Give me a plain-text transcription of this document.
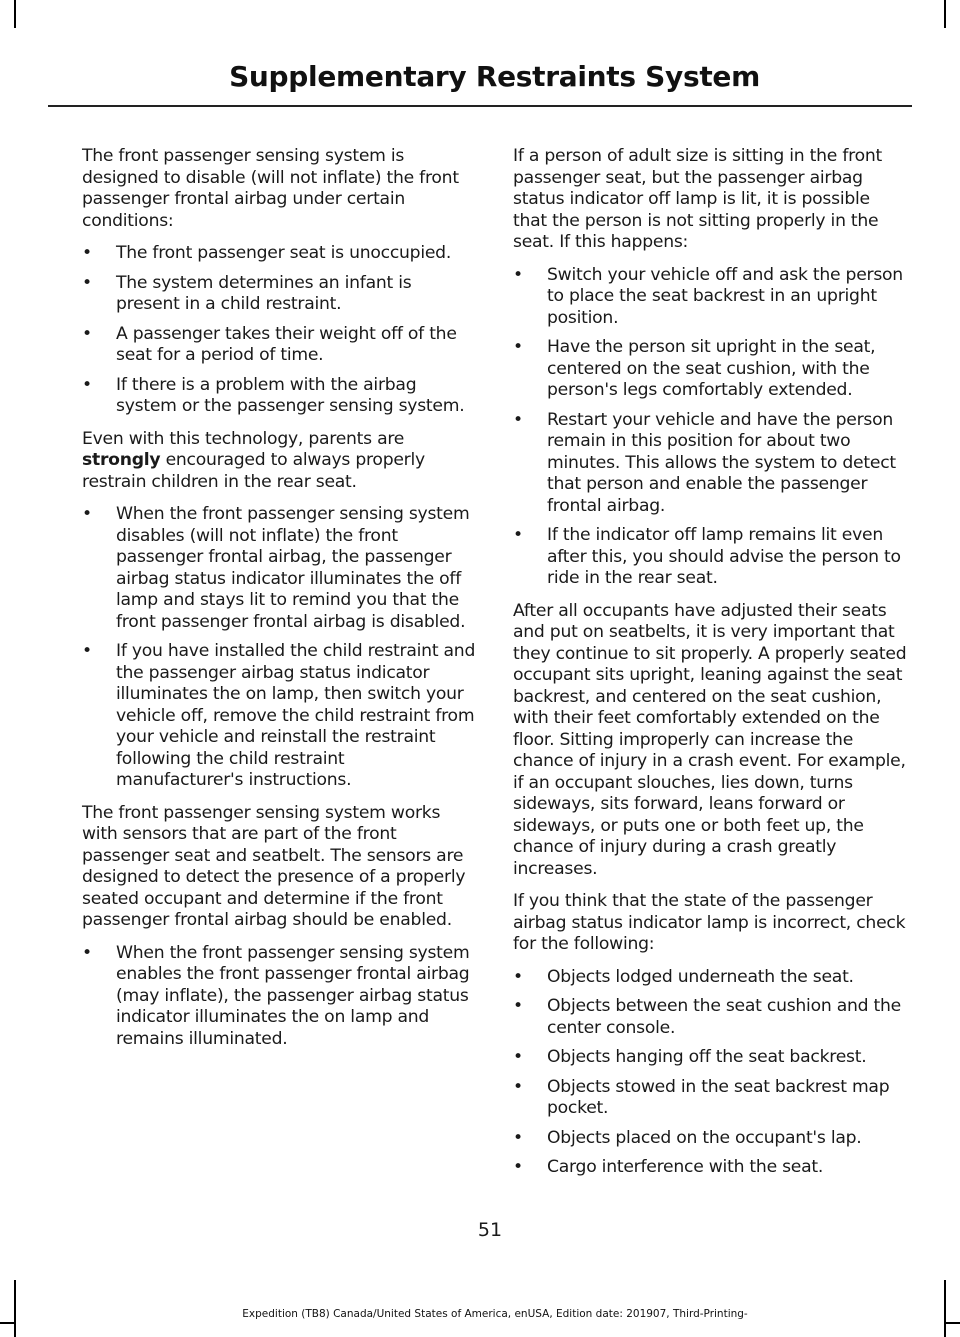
Supplementary Restraints System

The front passenger sensing system is designed to disable (will not inflate) the front passenger frontal airbag under certain conditions:

• The front passenger seat is unoccupied.
• The system determines an infant is present in a child restraint.
• A passenger takes their weight off of the seat for a period of time.
• If there is a problem with the airbag system or the passenger sensing system.

Even with this technology, parents are strongly encouraged to always properly restrain children in the rear seat.

• When the front passenger sensing system disables (will not inflate) the front passenger frontal airbag, the passenger airbag status indicator illuminates the off lamp and stays lit to remind you that the front passenger frontal airbag is disabled.
• If you have installed the child restraint and the passenger airbag status indicator illuminates the on lamp, then switch your vehicle off, remove the child restraint from your vehicle and reinstall the restraint following the child restraint manufacturer's instructions.

The front passenger sensing system works with sensors that are part of the front passenger seat and seatbelt. The sensors are designed to detect the presence of a properly seated occupant and determine if the front passenger frontal airbag should be enabled.

• When the front passenger sensing system enables the front passenger frontal airbag (may inflate), the passenger airbag status indicator illuminates the on lamp and remains illuminated.

If a person of adult size is sitting in the front passenger seat, but the passenger airbag status indicator off lamp is lit, it is possible that the person is not sitting properly in the seat. If this happens:

• Switch your vehicle off and ask the person to place the seat backrest in an upright position.
• Have the person sit upright in the seat, centered on the seat cushion, with the person's legs comfortably extended.
• Restart your vehicle and have the person remain in this position for about two minutes. This allows the system to detect that person and enable the passenger frontal airbag.
• If the indicator off lamp remains lit even after this, you should advise the person to ride in the rear seat.

After all occupants have adjusted their seats and put on seatbelts, it is very important that they continue to sit properly. A properly seated occupant sits upright, leaning against the seat backrest, and centered on the seat cushion, with their feet comfortably extended on the floor. Sitting improperly can increase the chance of injury in a crash event. For example, if an occupant slouches, lies down, turns sideways, sits forward, leans forward or sideways, or puts one or both feet up, the chance of injury during a crash greatly increases.

If you think that the state of the passenger airbag status indicator lamp is incorrect, check for the following:

• Objects lodged underneath the seat.
• Objects between the seat cushion and the center console.
• Objects hanging off the seat backrest.
• Objects stowed in the seat backrest map pocket.
• Objects placed on the occupant's lap.
• Cargo interference with the seat.
51
Expedition (TB8) Canada/United States of America, enUSA, Edition date: 201907, Third-Printing-
